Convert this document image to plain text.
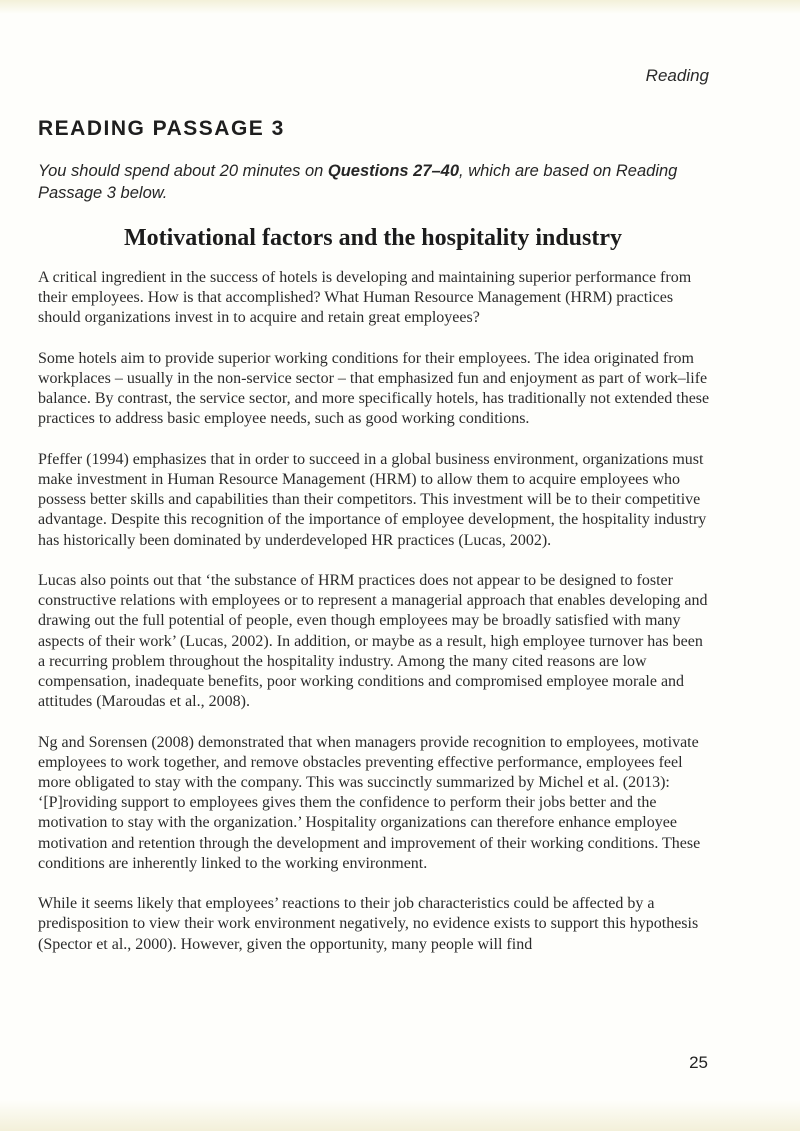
Reading
READING PASSAGE 3
You should spend about 20 minutes on Questions 27–40, which are based on Reading Passage 3 below.
Motivational factors and the hospitality industry

A critical ingredient in the success of hotels is developing and maintaining superior performance from their employees. How is that accomplished? What Human Resource Management (HRM) practices should organizations invest in to acquire and retain great employees?

Some hotels aim to provide superior working conditions for their employees. The idea originated from workplaces – usually in the non-service sector – that emphasized fun and enjoyment as part of work–life balance. By contrast, the service sector, and more specifically hotels, has traditionally not extended these practices to address basic employee needs, such as good working conditions.

Pfeffer (1994) emphasizes that in order to succeed in a global business environment, organizations must make investment in Human Resource Management (HRM) to allow them to acquire employees who possess better skills and capabilities than their competitors. This investment will be to their competitive advantage. Despite this recognition of the importance of employee development, the hospitality industry has historically been dominated by underdeveloped HR practices (Lucas, 2002).

Lucas also points out that ‘the substance of HRM practices does not appear to be designed to foster constructive relations with employees or to represent a managerial approach that enables developing and drawing out the full potential of people, even though employees may be broadly satisfied with many aspects of their work’ (Lucas, 2002). In addition, or maybe as a result, high employee turnover has been a recurring problem throughout the hospitality industry. Among the many cited reasons are low compensation, inadequate benefits, poor working conditions and compromised employee morale and attitudes (Maroudas et al., 2008).

Ng and Sorensen (2008) demonstrated that when managers provide recognition to employees, motivate employees to work together, and remove obstacles preventing effective performance, employees feel more obligated to stay with the company. This was succinctly summarized by Michel et al. (2013): ‘[P]roviding support to employees gives them the confidence to perform their jobs better and the motivation to stay with the organization.’ Hospitality organizations can therefore enhance employee motivation and retention through the development and improvement of their working conditions. These conditions are inherently linked to the working environment.

While it seems likely that employees’ reactions to their job characteristics could be affected by a predisposition to view their work environment negatively, no evidence exists to support this hypothesis (Spector et al., 2000). However, given the opportunity, many people will find

25
